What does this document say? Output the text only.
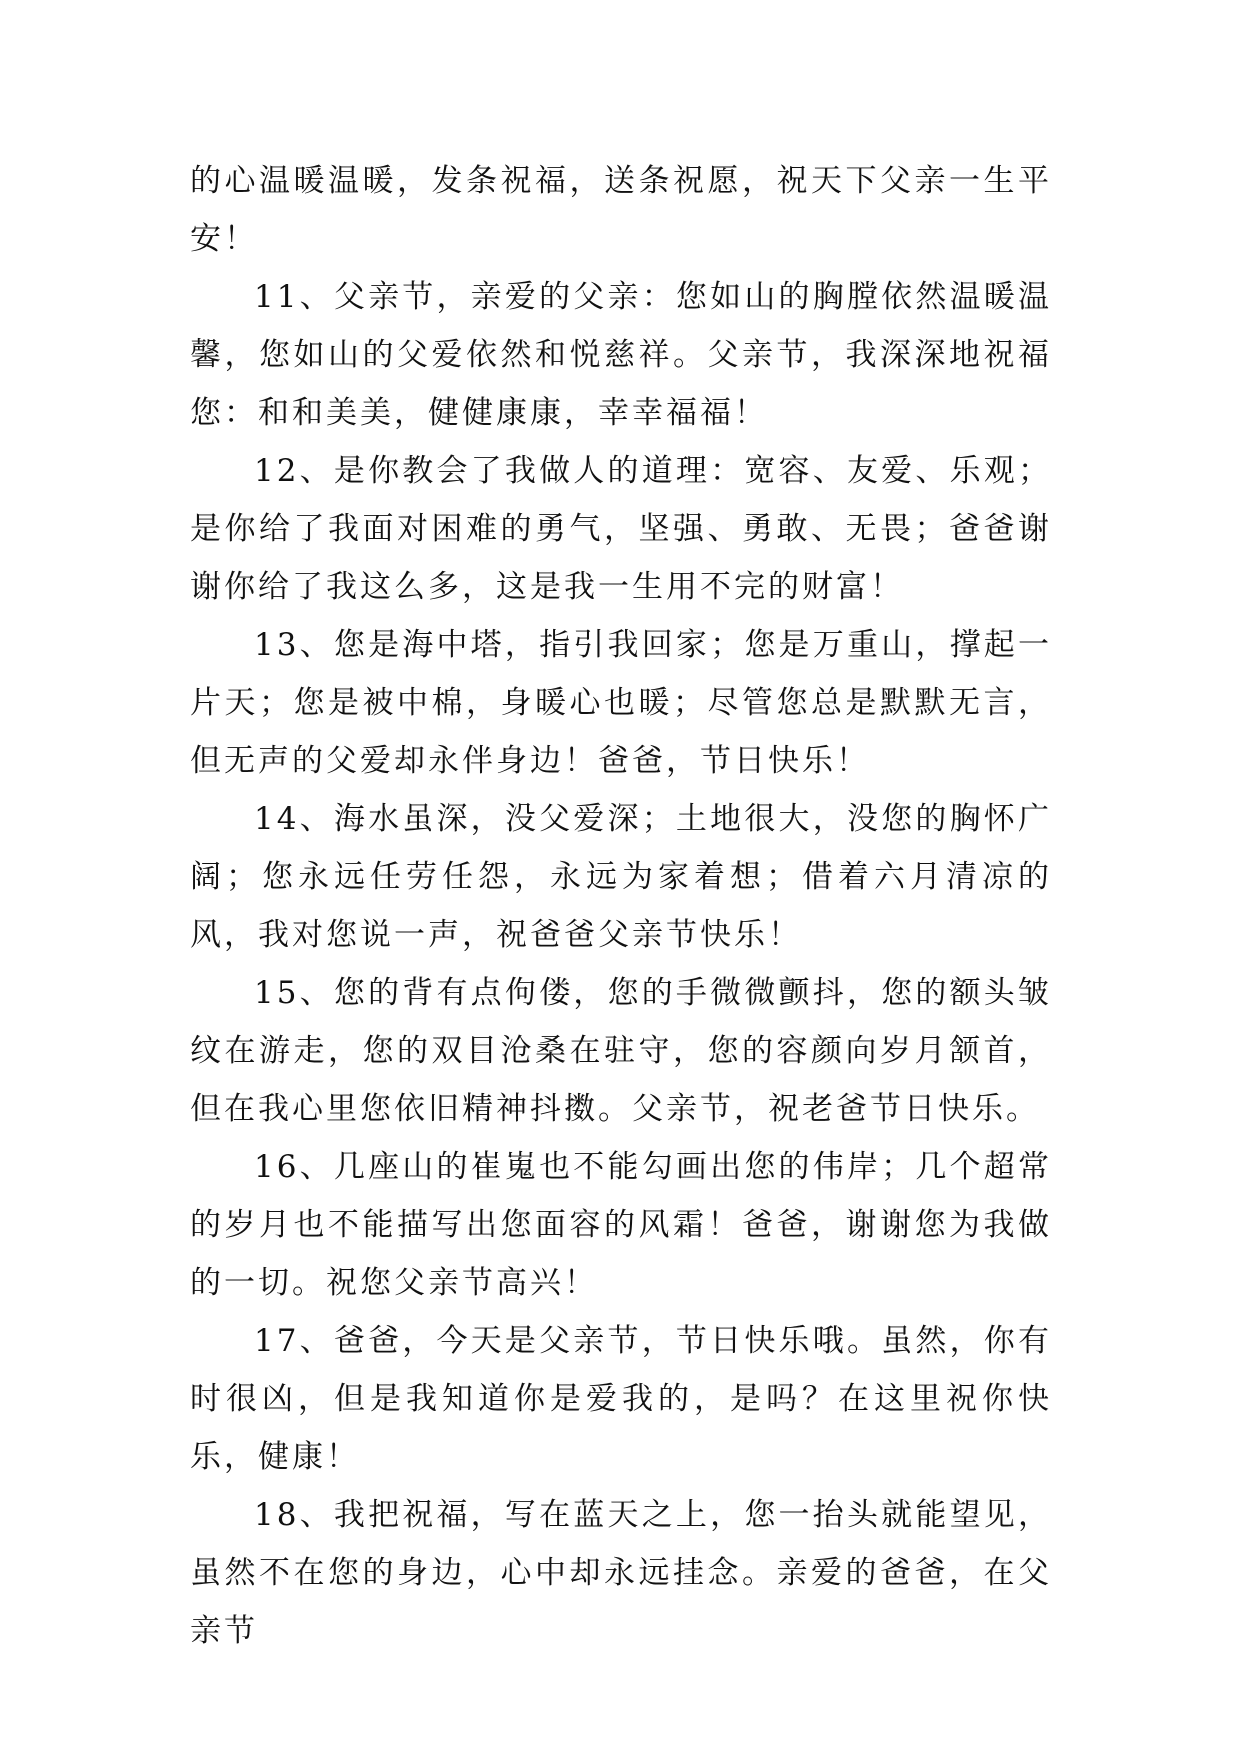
的心温暖温暖，发条祝福，送条祝愿，祝天下父亲一生平安！

11、父亲节，亲爱的父亲：您如山的胸膛依然温暖温馨，您如山的父爱依然和悦慈祥。父亲节，我深深地祝福您：和和美美，健健康康，幸幸福福！

12、是你教会了我做人的道理：宽容、友爱、乐观；是你给了我面对困难的勇气，坚强、勇敢、无畏；爸爸谢谢你给了我这么多，这是我一生用不完的财富！

13、您是海中塔，指引我回家；您是万重山，撑起一片天；您是被中棉，身暖心也暖；尽管您总是默默无言，但无声的父爱却永伴身边！爸爸，节日快乐！

14、海水虽深，没父爱深；土地很大，没您的胸怀广阔；您永远任劳任怨，永远为家着想；借着六月清凉的风，我对您说一声，祝爸爸父亲节快乐！

15、您的背有点佝偻，您的手微微颤抖，您的额头皱纹在游走，您的双目沧桑在驻守，您的容颜向岁月颔首，但在我心里您依旧精神抖擞。父亲节，祝老爸节日快乐。

16、几座山的崔嵬也不能勾画出您的伟岸；几个超常的岁月也不能描写出您面容的风霜！爸爸，谢谢您为我做的一切。祝您父亲节高兴！

17、爸爸，今天是父亲节，节日快乐哦。虽然，你有时很凶，但是我知道你是爱我的，是吗？在这里祝你快乐，健康！

18、我把祝福，写在蓝天之上，您一抬头就能望见，虽然不在您的身边，心中却永远挂念。亲爱的爸爸，在父亲节
